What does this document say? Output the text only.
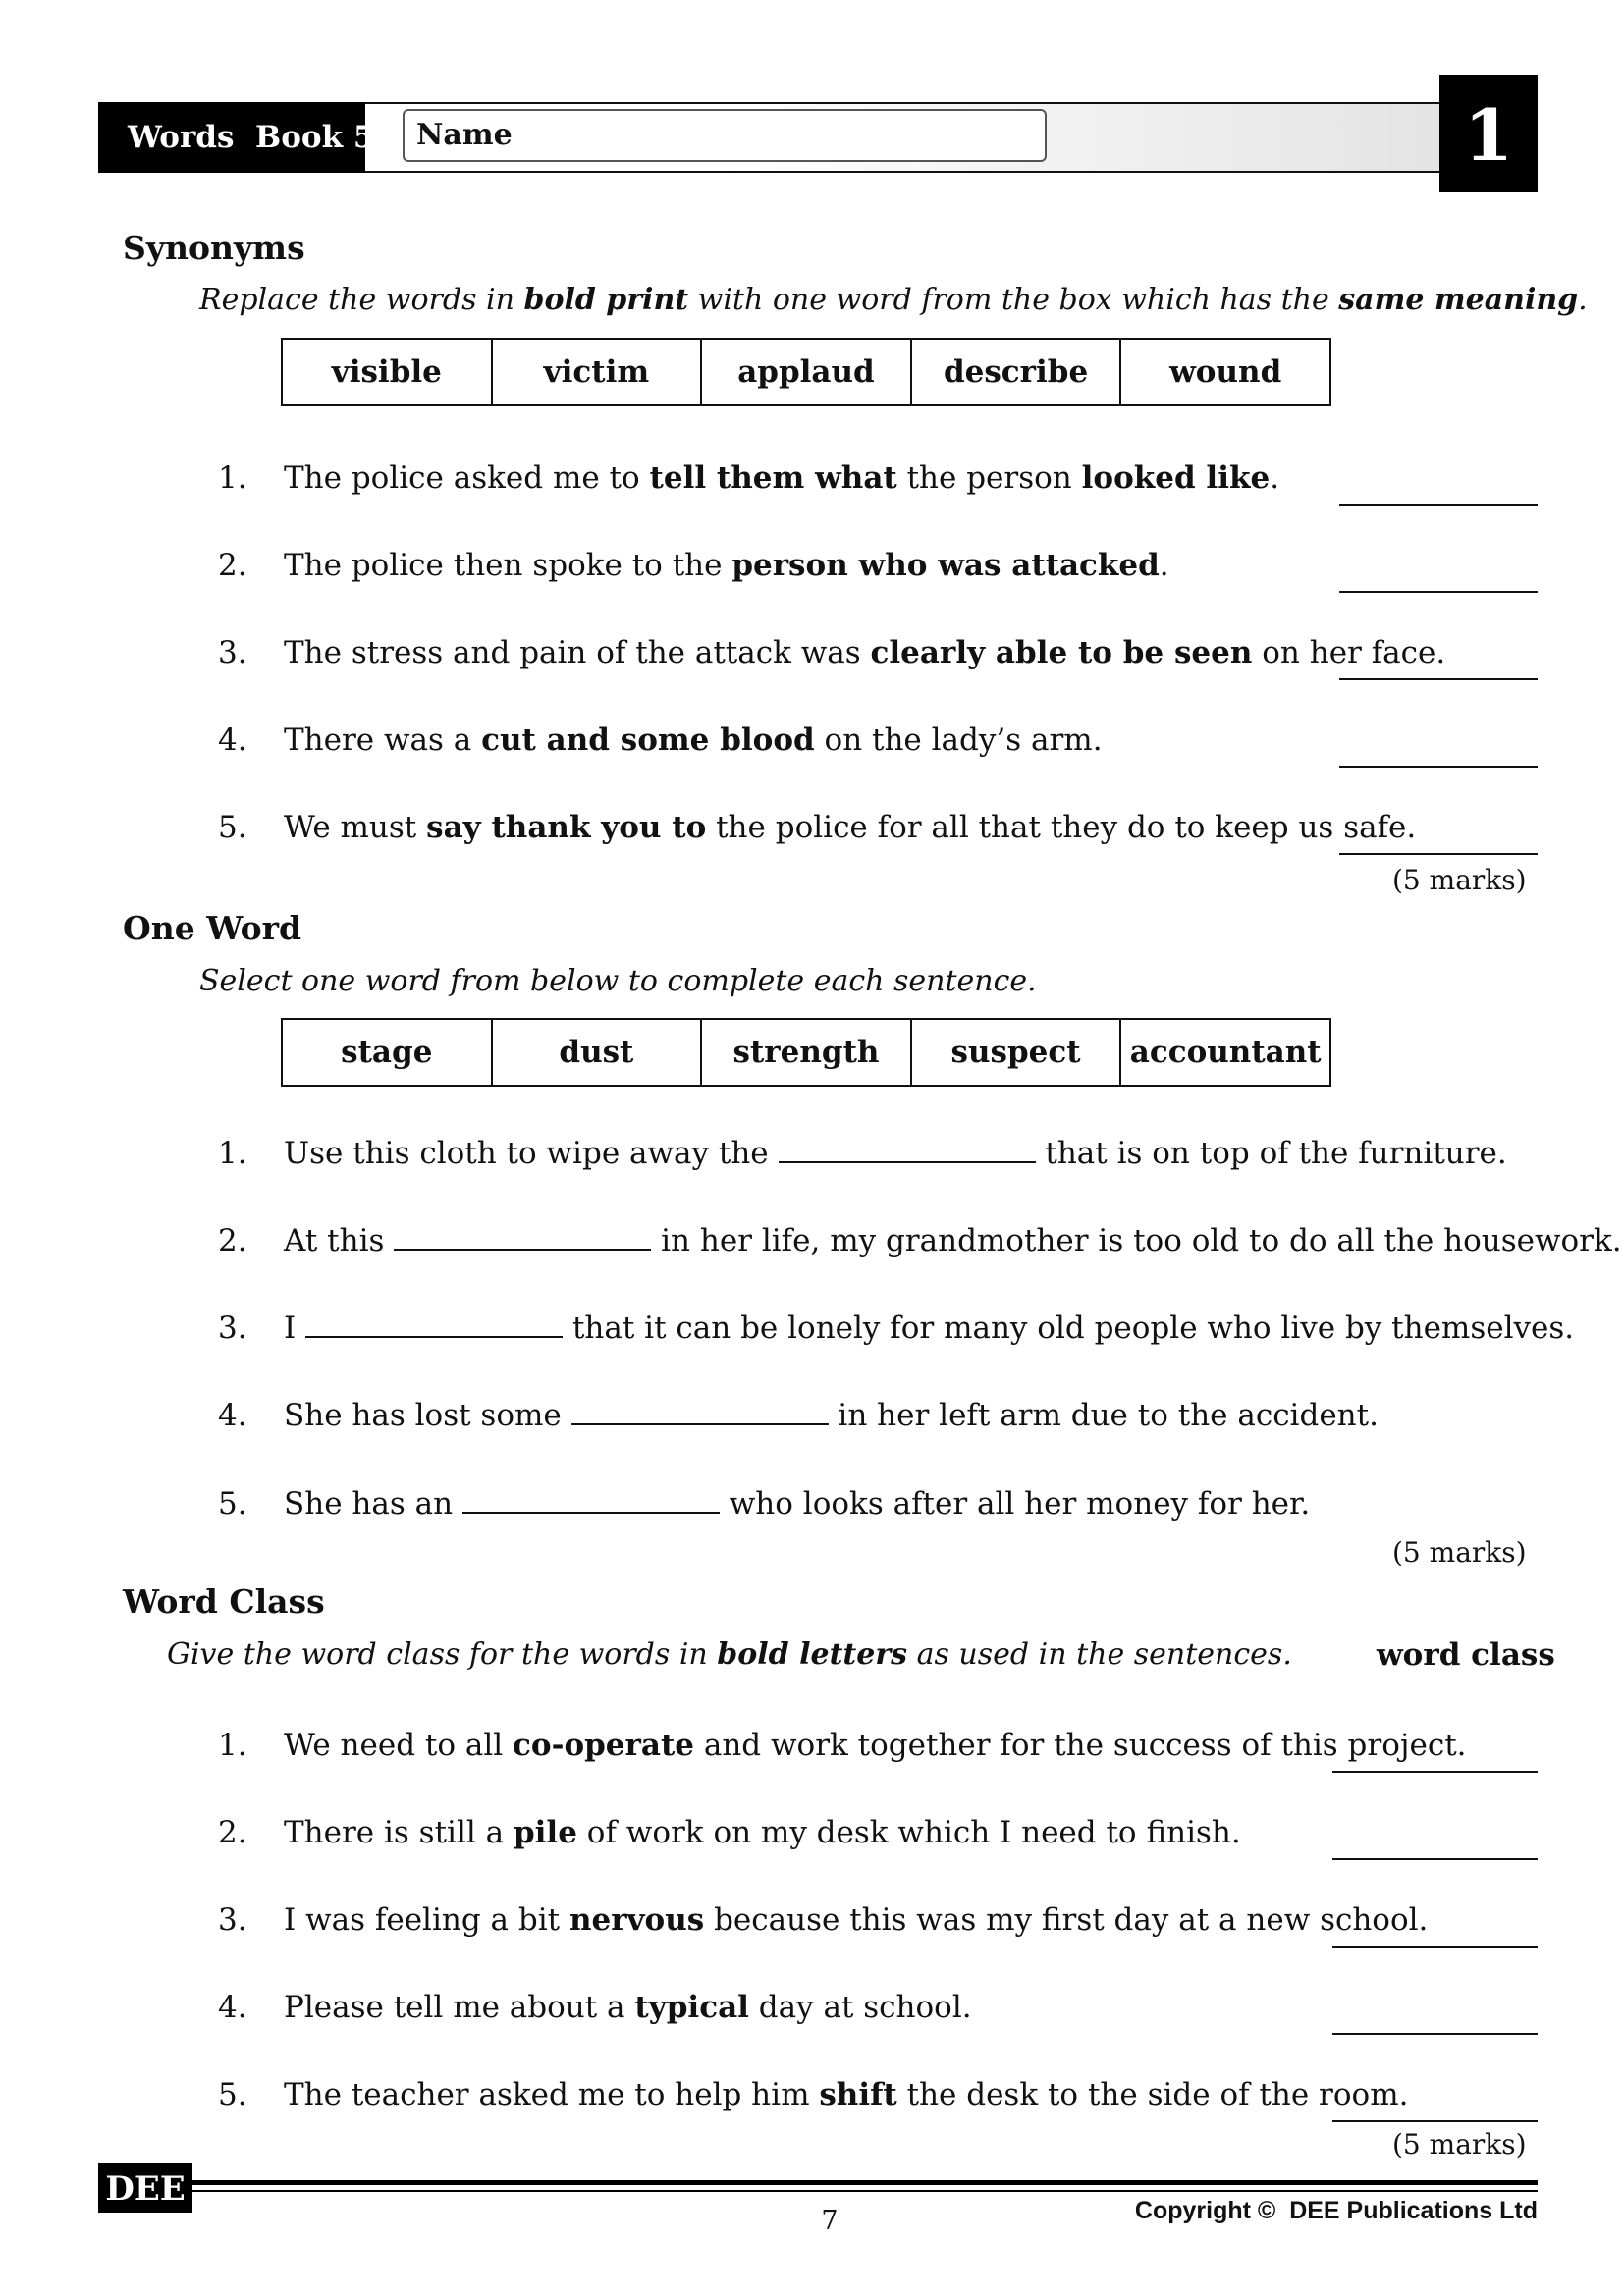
Words  Book 5	Name	1
Synonyms
Replace the words in bold print with one word from the box which has the same meaning.
visible	victim	applaud	describe	wound
1. The police asked me to tell them what the person looked like.
2. The police then spoke to the person who was attacked.
3. The stress and pain of the attack was clearly able to be seen on her face.
4. There was a cut and some blood on the lady’s arm.
5. We must say thank you to the police for all that they do to keep us safe.
(5 marks)
One Word
Select one word from below to complete each sentence.
stage	dust	strength	suspect	accountant
1. Use this cloth to wipe away the	that is on top of the furniture.
2. At this	in her life, my grandmother is too old to do all the housework.
3. I	that it can be lonely for many old people who live by themselves.
4. She has lost some	in her left arm due to the accident.
5. She has an	who looks after all her money for her.
(5 marks)
Word Class
Give the word class for the words in bold letters as used in the sentences.	word class
1. We need to all co-operate and work together for the success of this project.
2. There is still a pile of work on my desk which I need to finish.
3. I was feeling a bit nervous because this was my first day at a new school.
4. Please tell me about a typical day at school.
5. The teacher asked me to help him shift the desk to the side of the room.
(5 marks)
DEE
7	Copyright ©  DEE Publications Ltd
